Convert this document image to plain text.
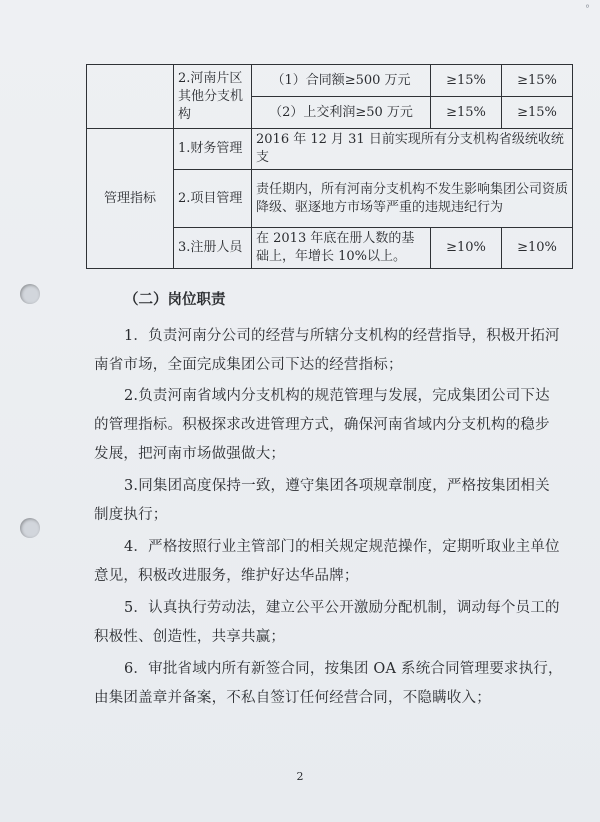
°
	2.河南片区其他分支机构	（1）合同额≥500 万元	≥15%	≥15%
		（2）上交利润≥50 万元	≥15%	≥15%
管理指标	1.财务管理	2016 年 12 月 31 日前实现所有分支机构省级统收统支		
	2.项目管理	责任期内，所有河南分支机构不发生影响集团公司资质降级、驱逐地方市场等严重的违规违纪行为		
	3.注册人员	在 2013 年底在册人数的基础上，年增长 10%以上。	≥10%	≥10%
（二）岗位职责

1．负责河南分公司的经营与所辖分支机构的经营指导，积极开拓河南省市场，全面完成集团公司下达的经营指标；

2.负责河南省域内分支机构的规范管理与发展，完成集团公司下达的管理指标。积极探求改进管理方式，确保河南省域内分支机构的稳步发展，把河南市场做强做大；

3.同集团高度保持一致，遵守集团各项规章制度，严格按集团相关制度执行；

4．严格按照行业主管部门的相关规定规范操作，定期听取业主单位意见，积极改进服务，维护好达华品牌；

5．认真执行劳动法，建立公平公开激励分配机制，调动每个员工的积极性、创造性，共享共赢；

6．审批省域内所有新签合同，按集团 OA 系统合同管理要求执行，由集团盖章并备案，不私自签订任何经营合同，不隐瞒收入；

2
